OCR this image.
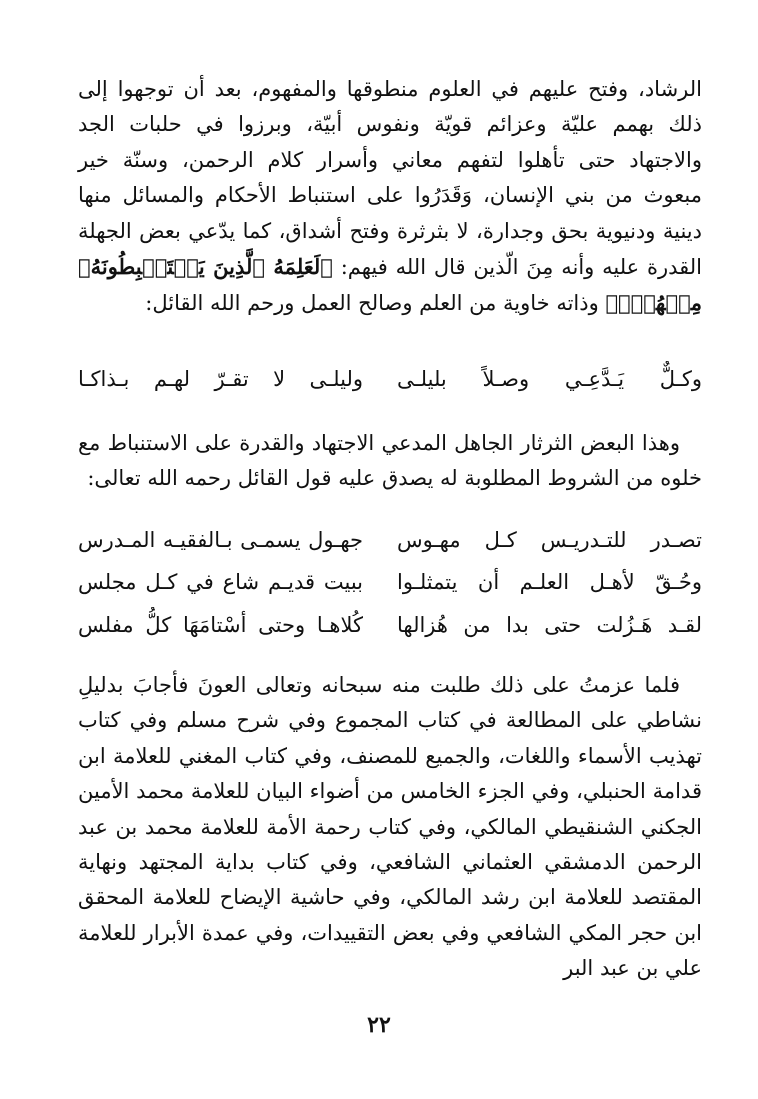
الرشاد، وفتح عليهم في العلوم منطوقها والمفهوم، بعد أن توجهوا إلى ذلك بهمم عليّة وعزائم قويّة ونفوس أبيّة، وبرزوا في حلبات الجد والاجتهاد حتى تأهلوا لتفهم معاني وأسرار كلام الرحمن، وسنّة خير مبعوث من بني الإنسان، وَقَدَرُوا على استنباط الأحكام والمسائل منها دينية ودنيوية بحق وجدارة، لا بثرثرة وفتح أشداق، كما يدّعي بعض الجهلة القدرة عليه وأنه مِنَ الّذين قال الله فيهم: ﴿لَعَلِمَهُ ٱلَّذِينَ يَسۡتَنۢبِطُونَهُۥ مِنۡهُمۡۗ﴾ وذاته خاوية من العلم وصالح العمل ورحم الله القائل:
وكـلٌّ يَـدَّعِـي وصـلاً بليلـى
وليلـى لا تقـرّ لهـم بـذاكـا
وهذا البعض الثرثار الجاهل المدعي الاجتهاد والقدرة على الاستنباط مع خلوه من الشروط المطلوبة له يصدق عليه قول القائل رحمه الله تعالى:
تصـدر للتـدريـس كـل مهـوس
جهـول يسمـى بـالفقيـه المـدرس
وحُـقّ لأهـل العلـم أن يتمثلـوا
ببيت قديـم شاع في كـل مجلس
لقـد هَـزُلت حتى بدا من هُزالها
كُلاهـا وحتى أسْتامَهَا كلُّ مفلس
فلما عزمتُ على ذلك طلبت منه سبحانه وتعالى العونَ فأجابَ بدليلِ نشاطي على المطالعة في كتاب المجموع وفي شرح مسلم وفي كتاب تهذيب الأسماء واللغات، والجميع للمصنف، وفي كتاب المغني للعلامة ابن قدامة الحنبلي، وفي الجزء الخامس من أضواء البيان للعلامة محمد الأمين الجكني الشنقيطي المالكي، وفي كتاب رحمة الأمة للعلامة محمد بن عبد الرحمن الدمشقي العثماني الشافعي، وفي كتاب بداية المجتهد ونهاية المقتصد للعلامة ابن رشد المالكي، وفي حاشية الإيضاح للعلامة المحقق ابن حجر المكي الشافعي وفي بعض التقييدات، وفي عمدة الأبرار للعلامة علي بن عبد البر
٢٢
